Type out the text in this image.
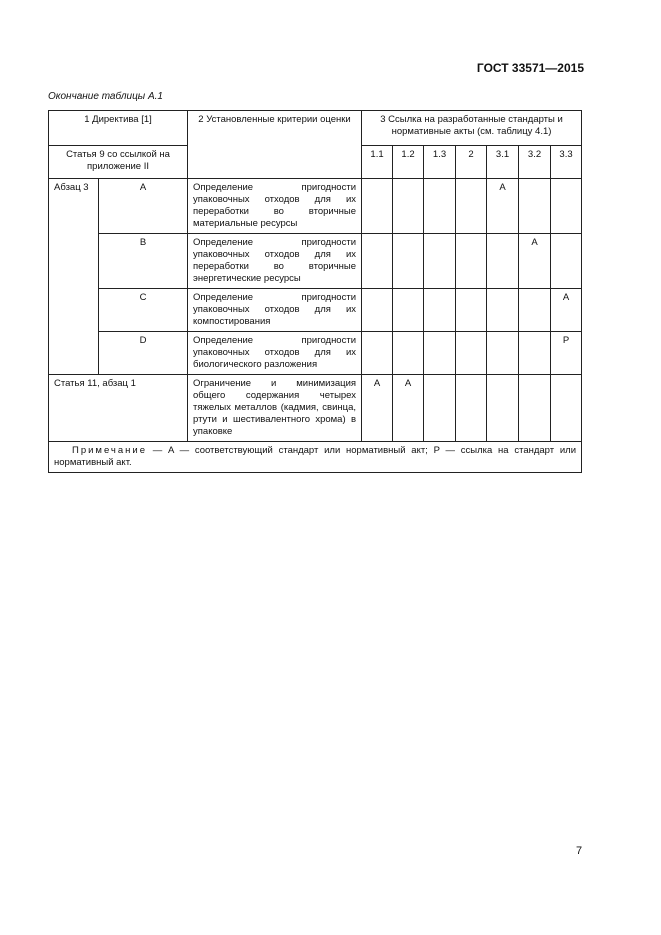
ГОСТ 33571—2015
Окончание таблицы А.1
1 Директива [1]		2 Установленные критерии оценки	3 Ссылка на разработанные стандарты и нормативные акты (см. таблицу 4.1)						
Статья 9 со ссылкой на приложение II			1.1	1.2	1.3	2	3.1	3.2	3.3
Абзац 3	A	Определение пригодности упаковочных отходов для их переработки во вторичные материальные ресурсы					A		
	B	Определение пригодности упаковочных отходов для их переработки во вторичные энергетические ресурсы						A	
	C	Определение пригодности упаковочных отходов для их компостирования							A
	D	Определение пригодности упаковочных отходов для их биологического разложения							P
Статья 11, абзац 1		Ограничение и минимизация общего содержания четырех тяжелых металлов (кадмия, свинца, ртути и шестивалентного хрома) в упаковке	A	A					
Примечание — A — соответствующий стандарт или нормативный акт; P — ссылка на стандарт или нормативный акт.									
7
